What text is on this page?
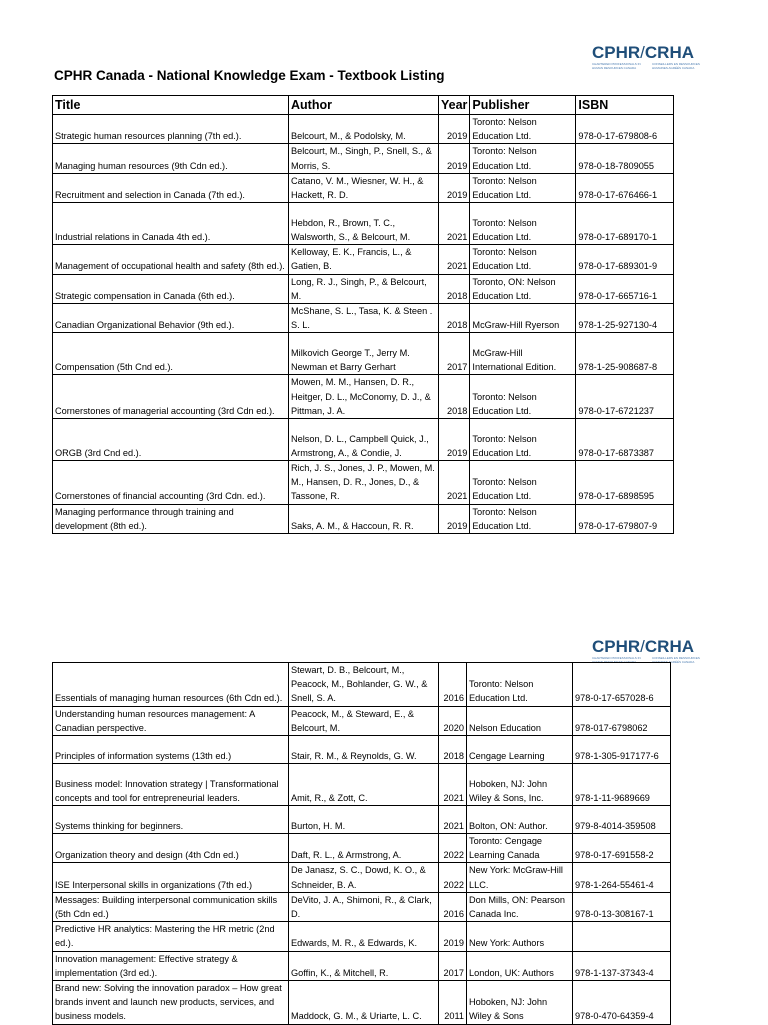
CPHR/CRHA
CHARTERED PROFESSIONALS IN HUMAN RESOURCES CANADA
CONSEILLERS EN RESSOURCES HUMAINES AGRÉÉS CANADA
CPHR Canada - National Knowledge Exam - Textbook Listing
Title	Author	Year	Publisher	ISBN
Strategic human resources planning (7th ed.).	Belcourt, M., & Podolsky, M.	2019	Toronto: Nelson Education Ltd.	978-0-17-679808-6
Managing human resources (9th Cdn ed.).	Belcourt, M., Singh, P., Snell, S., & Morris, S.	2019	Toronto: Nelson Education Ltd.	978-0-18-7809055
Recruitment and selection in Canada (7th ed.).	Catano, V. M., Wiesner, W. H., & Hackett, R. D.	2019	Toronto: Nelson Education Ltd.	978-0-17-676466-1
Industrial relations in Canada 4th ed.).	Hebdon, R., Brown, T. C., Walsworth, S., & Belcourt, M.	2021	Toronto: Nelson Education Ltd.	978-0-17-689170-1
Management of occupational health and safety (8th ed.).	Kelloway, E. K., Francis, L., & Gatien, B.	2021	Toronto: Nelson Education Ltd.	978-0-17-689301-9
Strategic compensation in Canada (6th ed.).	Long, R. J., Singh, P., & Belcourt, M.	2018	Toronto, ON: Nelson Education Ltd.	978-0-17-665716-1
Canadian Organizational Behavior (9th ed.).	McShane, S. L., Tasa, K. & Steen . S. L.	2018	McGraw-Hill Ryerson	978-1-25-927130-4
Compensation (5th Cnd ed.).	Milkovich George T., Jerry M. Newman et Barry Gerhart	2017	McGraw-Hill International Edition.	978-1-25-908687-8
Cornerstones of managerial accounting (3rd Cdn ed.).	Mowen, M. M., Hansen, D. R., Heitger, D. L., McConomy, D. J., & Pittman, J. A.	2018	Toronto: Nelson Education Ltd.	978-0-17-6721237
ORGB (3rd Cnd ed.).	Nelson, D. L., Campbell Quick, J., Armstrong, A., & Condie, J.	2019	Toronto: Nelson Education Ltd.	978-0-17-6873387
Cornerstones of financial accounting (3rd Cdn. ed.).	Rich, J. S., Jones, J. P., Mowen, M. M., Hansen, D. R., Jones, D., & Tassone, R.	2021	Toronto: Nelson Education Ltd.	978-0-17-6898595
Managing performance through training and development (8th ed.).	Saks, A. M., & Haccoun, R. R.	2019	Toronto: Nelson Education Ltd.	978-0-17-679807-9
CPHR/CRHA
CHARTERED PROFESSIONALS IN HUMAN RESOURCES CANADA
CONSEILLERS EN RESSOURCES HUMAINES AGRÉÉS CANADA
Essentials of managing human resources (6th Cdn ed.).	Stewart, D. B., Belcourt, M., Peacock, M., Bohlander, G. W., & Snell, S. A.	2016	Toronto: Nelson Education Ltd.	978-0-17-657028-6
Understanding human resources management: A Canadian perspective.	Peacock, M., & Steward, E., & Belcourt, M.	2020	Nelson Education	978-017-6798062
Principles of information systems (13th ed.)	Stair, R. M., & Reynolds, G. W.	2018	Cengage Learning	978-1-305-917177-6
Business model: Innovation strategy | Transformational concepts and tool for entrepreneurial leaders.	Amit, R., & Zott, C.	2021	Hoboken, NJ: John Wiley & Sons, Inc.	978-1-11-9689669
Systems thinking for beginners.	Burton, H. M.	2021	Bolton, ON: Author.	979-8-4014-359508
Organization theory and design (4th Cdn ed.)	Daft, R. L., & Armstrong, A.	2022	Toronto: Cengage Learning Canada	978-0-17-691558-2
ISE Interpersonal skills in organizations (7th ed.)	De Janasz, S. C., Dowd, K. O., & Schneider, B. A.	2022	New York: McGraw-Hill LLC.	978-1-264-55461-4
Messages: Building interpersonal communication skills (5th Cdn ed.)	DeVito, J. A., Shimoni, R., & Clark, D.	2016	Don Mills, ON: Pearson Canada Inc.	978-0-13-308167-1
Predictive HR analytics: Mastering the HR metric (2nd ed.).	Edwards, M. R., & Edwards, K.	2019	New York: Authors	
Innovation management: Effective strategy & implementation (3rd ed.).	Goffin, K., & Mitchell, R.	2017	London, UK: Authors	978-1-137-37343-4
Brand new: Solving the innovation paradox – How great brands invent and launch new products, services, and business models.	Maddock, G. M., & Uriarte, L. C.	2011	Hoboken, NJ: John Wiley & Sons	978-0-470-64359-4
